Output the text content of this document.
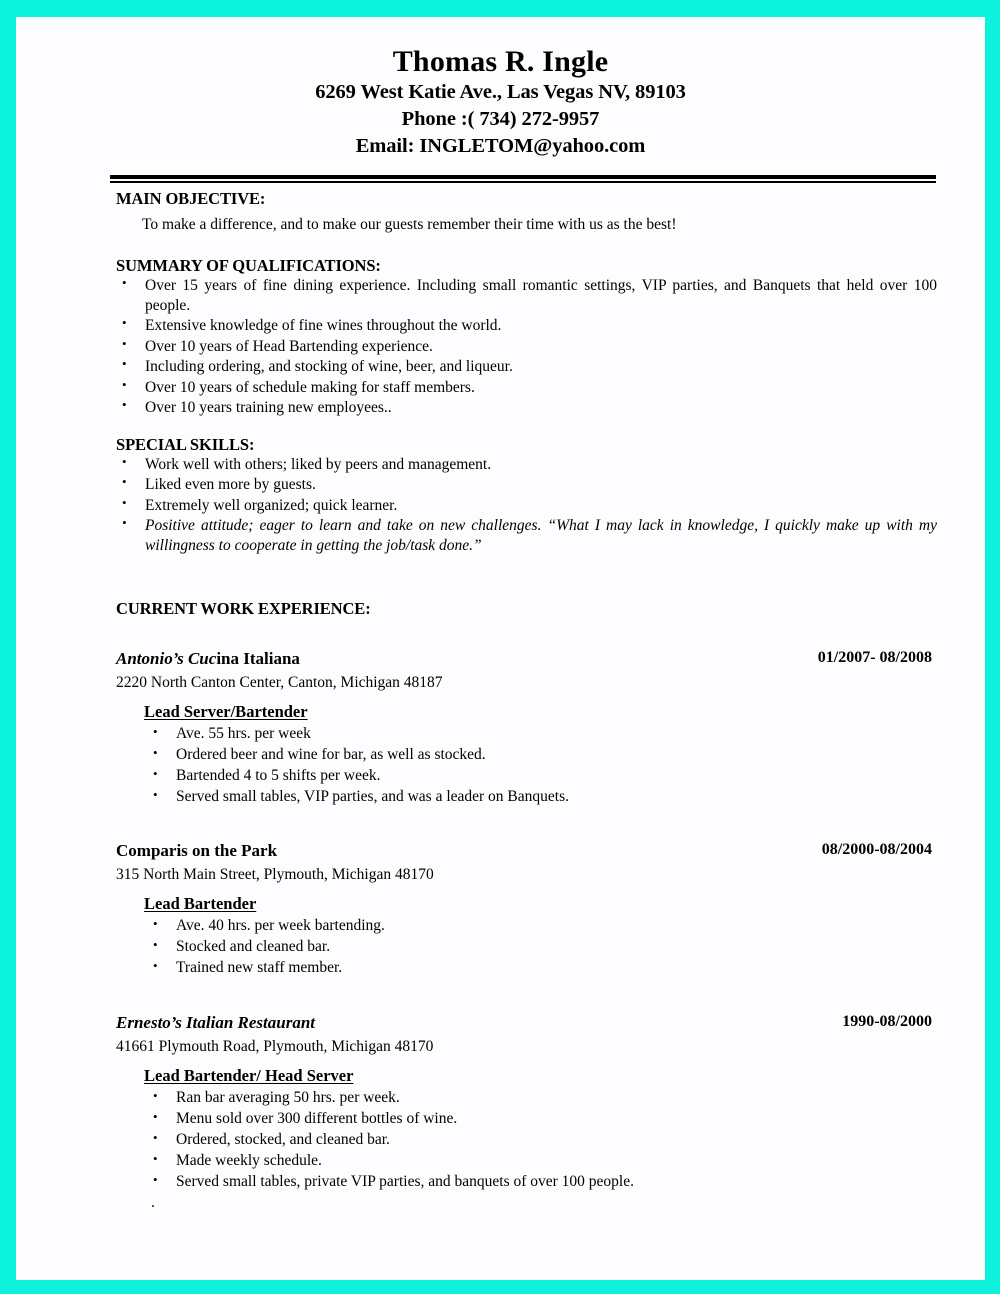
Thomas R. Ingle
6269 West Katie Ave., Las Vegas NV, 89103
Phone :( 734) 272-9957
Email: INGLETOM@yahoo.com
MAIN OBJECTIVE:
To make a difference, and to make our guests remember their time with us as the best!
SUMMARY OF QUALIFICATIONS:
• Over 15 years of fine dining experience. Including small romantic settings, VIP parties, and Banquets that held over 100 people.
• Extensive knowledge of fine wines throughout the world.
• Over 10 years of Head Bartending experience.
• Including ordering, and stocking of wine, beer, and liqueur.
• Over 10 years of schedule making for staff members.
• Over 10 years training new employees..
SPECIAL SKILLS:
• Work well with others; liked by peers and management.
• Liked even more by guests.
• Extremely well organized; quick learner.
• Positive attitude; eager to learn and take on new challenges. “What I may lack in knowledge, I quickly make up with my willingness to cooperate in getting the job/task done.”
CURRENT WORK EXPERIENCE:
Antonio’s Cucina Italiana	01/2007- 08/2008
2220 North Canton Center, Canton, Michigan 48187
Lead Server/Bartender
• Ave. 55 hrs. per week
• Ordered beer and wine for bar, as well as stocked.
• Bartended 4 to 5 shifts per week.
• Served small tables, VIP parties, and was a leader on Banquets.
Comparis on the Park	08/2000-08/2004
315 North Main Street, Plymouth, Michigan 48170
Lead Bartender
• Ave. 40 hrs. per week bartending.
• Stocked and cleaned bar.
• Trained new staff member.
Ernesto’s Italian Restaurant	1990-08/2000
41661 Plymouth Road, Plymouth, Michigan 48170
Lead Bartender/ Head Server
• Ran bar averaging 50 hrs. per week.
• Menu sold over 300 different bottles of wine.
• Ordered, stocked, and cleaned bar.
• Made weekly schedule.
• Served small tables, private VIP parties, and banquets of over 100 people.
.
